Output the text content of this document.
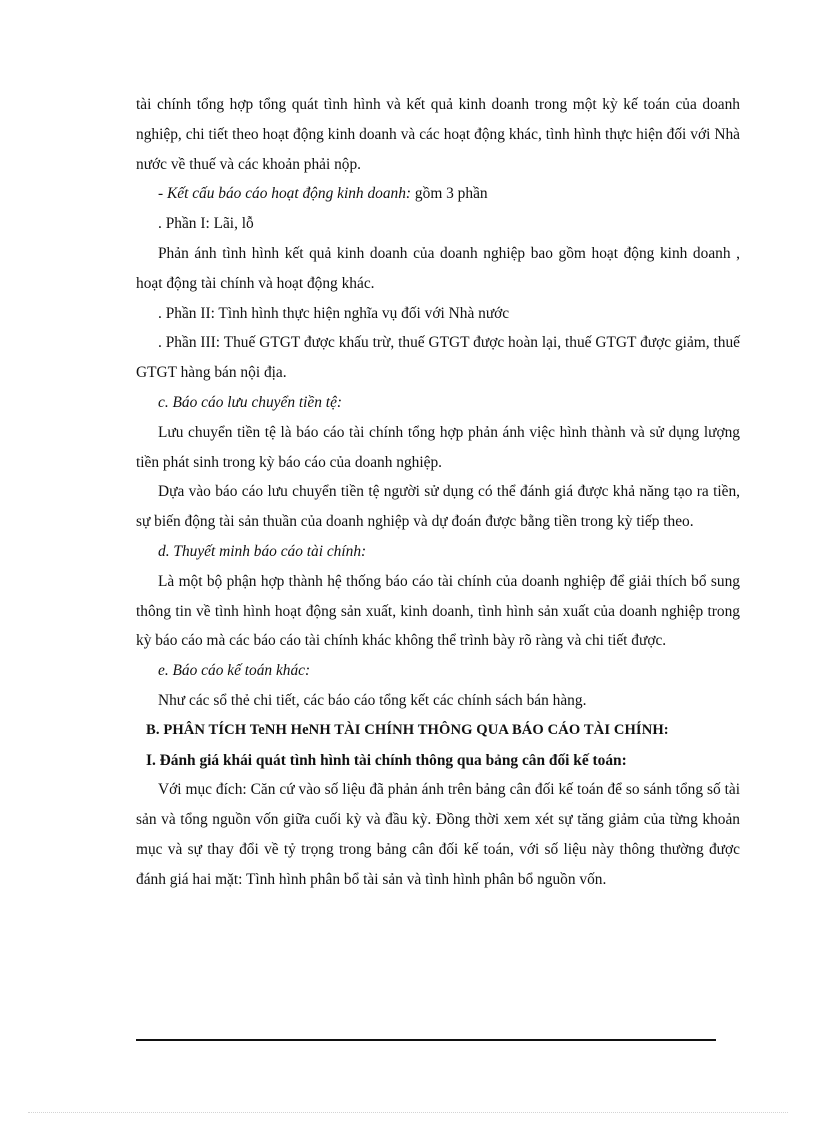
tài chính tổng hợp tổng quát tình hình và kết quả kinh doanh trong một kỳ kế toán của doanh nghiệp, chi tiết theo hoạt động kinh doanh và các hoạt động khác, tình hình thực hiện đối với Nhà nước về thuế và các khoản phải nộp.

- Kết cấu báo cáo hoạt động kinh doanh: gồm 3 phần

. Phần I: Lãi, lỗ

Phản ánh tình hình kết quả kinh doanh của doanh nghiệp bao gồm hoạt động kinh doanh , hoạt động tài chính và hoạt động khác.

. Phần II: Tình hình thực hiện nghĩa vụ đối với Nhà nước

. Phần III: Thuế GTGT được khấu trừ, thuế GTGT được hoàn lại, thuế GTGT được giảm, thuế GTGT hàng bán nội địa.

c. Báo cáo lưu chuyển tiền tệ:

Lưu chuyển tiền tệ là báo cáo tài chính tổng hợp phản ánh việc hình thành và sử dụng lượng tiền phát sinh trong kỳ báo cáo của doanh nghiệp.

Dựa vào báo cáo lưu chuyển tiền tệ người sử dụng có thể đánh giá được khả năng tạo ra tiền, sự biến động tài sản thuần của doanh nghiệp và dự đoán được bằng tiền trong kỳ tiếp theo.

d. Thuyết minh báo cáo tài chính:

Là một bộ phận hợp thành hệ thống báo cáo tài chính của doanh nghiệp để giải thích bổ sung thông tin về tình hình hoạt động sản xuất, kinh doanh, tình hình sản xuất của doanh nghiệp trong kỳ báo cáo mà các báo cáo tài chính khác không thể trình bày rõ ràng và chi tiết được.

e. Báo cáo kế toán khác:

Như các sổ thẻ chi tiết, các báo cáo tổng kết các chính sách bán hàng.

B. PHÂN TÍCH TeNH HeNH TÀI CHÍNH THÔNG QUA BÁO CÁO TÀI CHÍNH:

I. Đánh giá khái quát tình hình tài chính thông qua bảng cân đối kế toán:

Với mục đích: Căn cứ vào số liệu đã phản ánh trên bảng cân đối kế toán để so sánh tổng số tài sản và tổng nguồn vốn giữa cuối kỳ và đầu kỳ. Đồng thời xem xét sự tăng giảm của từng khoản mục và sự thay đổi về tỷ trọng trong bảng cân đối kế toán, với số liệu này thông thường được đánh giá hai mặt: Tình hình phân bổ tài sản và tình hình phân bổ nguồn vốn.
